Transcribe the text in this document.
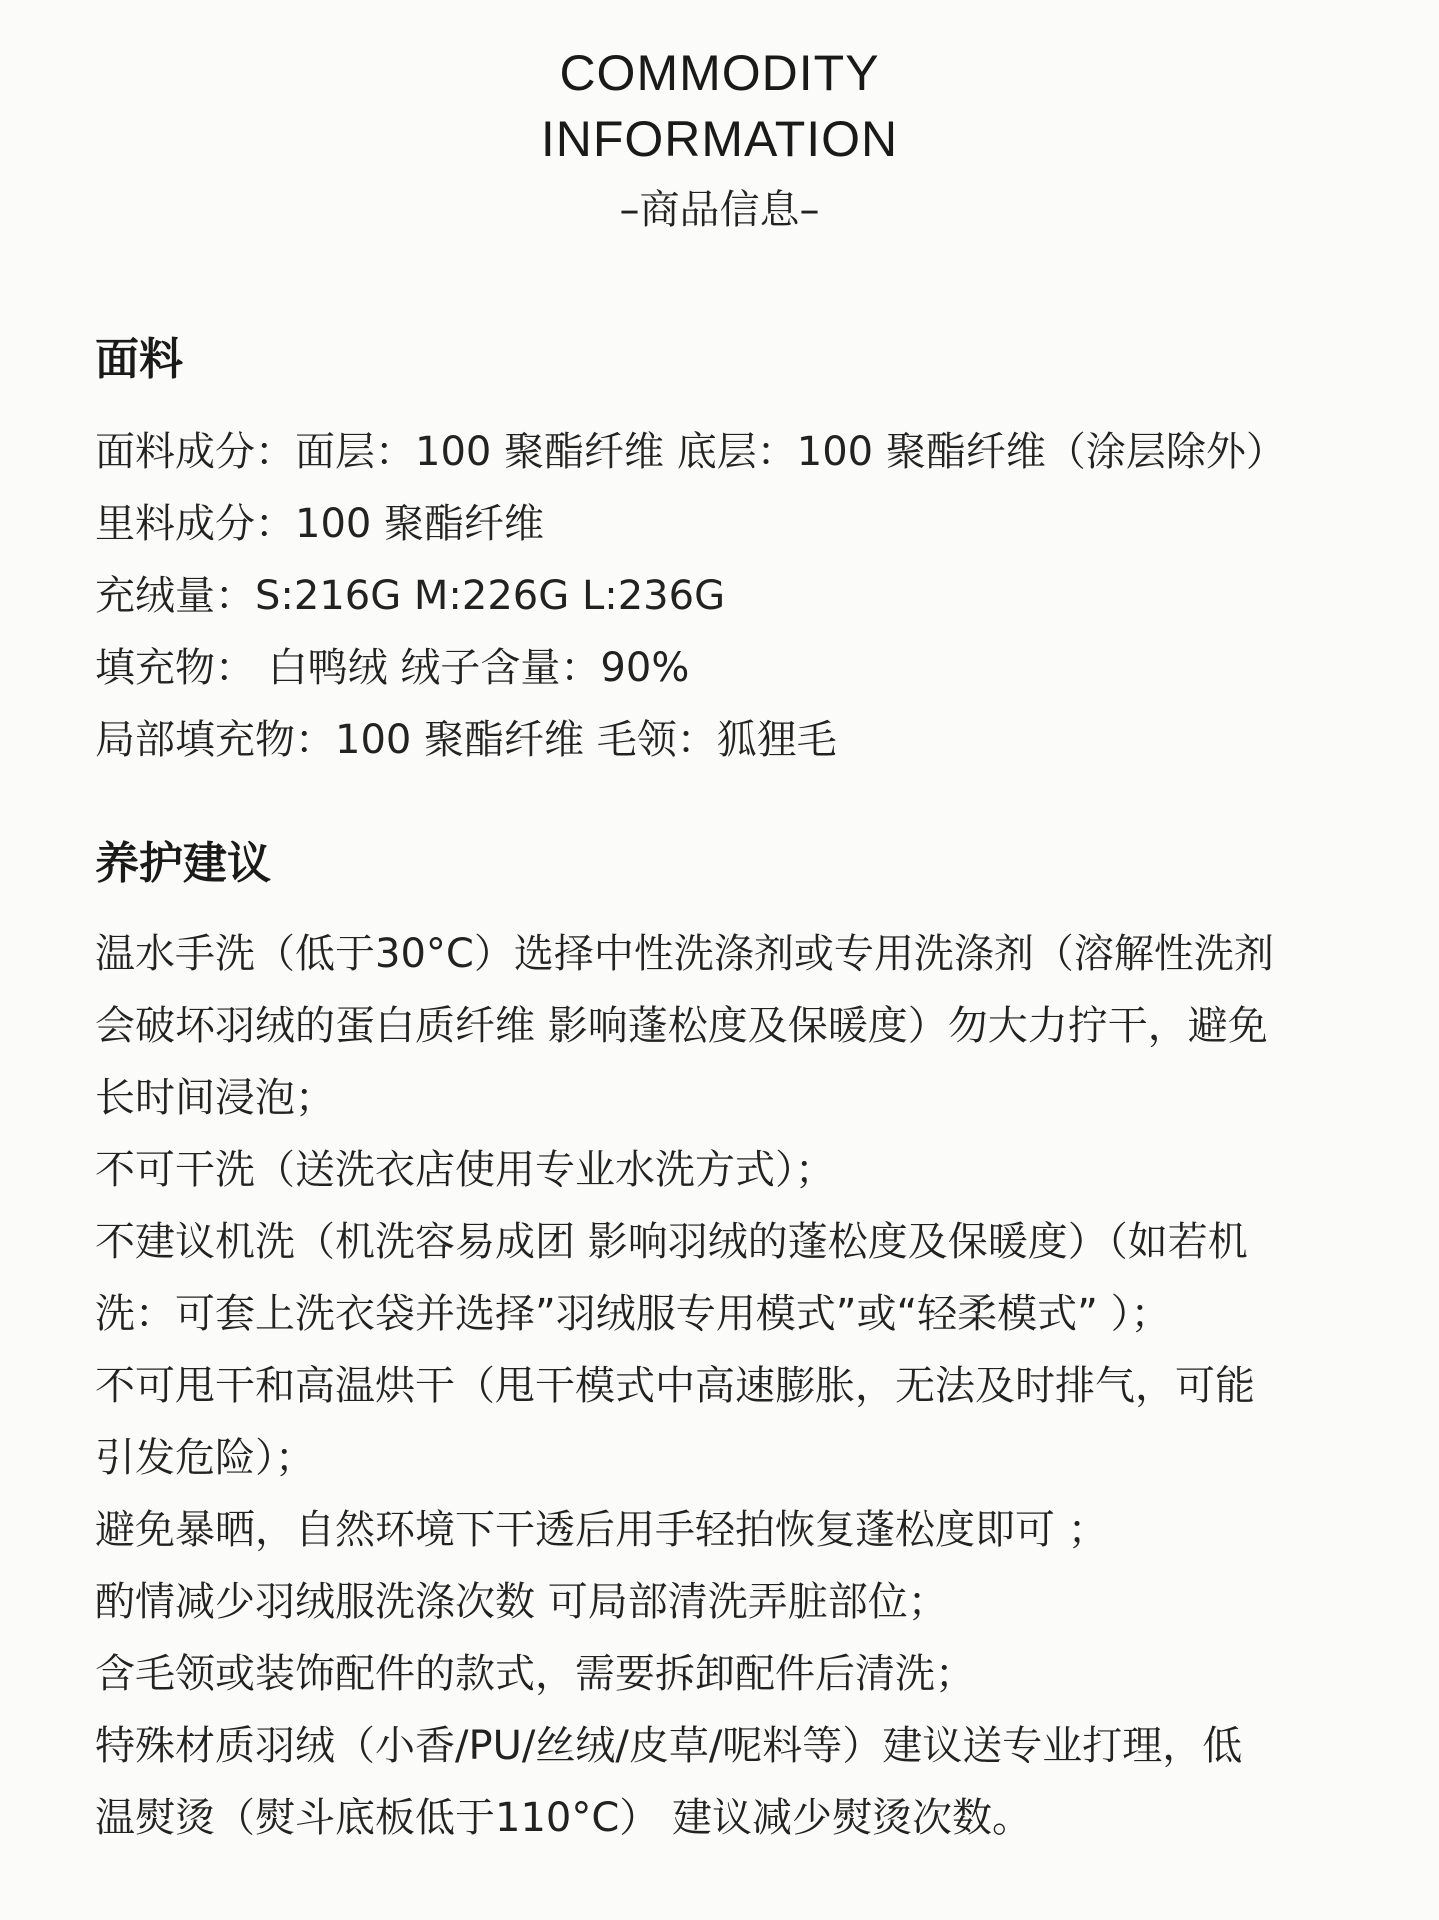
COMMODITY
INFORMATION
–商品信息–
面料
面料成分：面层：100 聚酯纤维 底层：100 聚酯纤维（涂层除外）
里料成分：100 聚酯纤维
充绒量：S:216G M:226G L:236G
填充物： 白鸭绒 绒子含量：90%
局部填充物：100 聚酯纤维 毛领：狐狸毛
养护建议
温水手洗（低于30°C）选择中性洗涤剂或专用洗涤剂（溶解性洗剂
会破坏羽绒的蛋白质纤维 影响蓬松度及保暖度）勿大力拧干，避免
长时间浸泡；
不可干洗（送洗衣店使用专业水洗方式）；
不建议机洗（机洗容易成团 影响羽绒的蓬松度及保暖度）（如若机
洗：可套上洗衣袋并选择”羽绒服专用模式”或“轻柔模式” ）；
不可甩干和高温烘干（甩干模式中高速膨胀，无法及时排气，可能
引发危险）；
避免暴晒，自然环境下干透后用手轻拍恢复蓬松度即可 ；
酌情减少羽绒服洗涤次数 可局部清洗弄脏部位；
含毛领或装饰配件的款式，需要拆卸配件后清洗；
特殊材质羽绒（小香/PU/丝绒/皮草/呢料等）建议送专业打理，低
温熨烫（熨斗底板低于110°C） 建议减少熨烫次数。
